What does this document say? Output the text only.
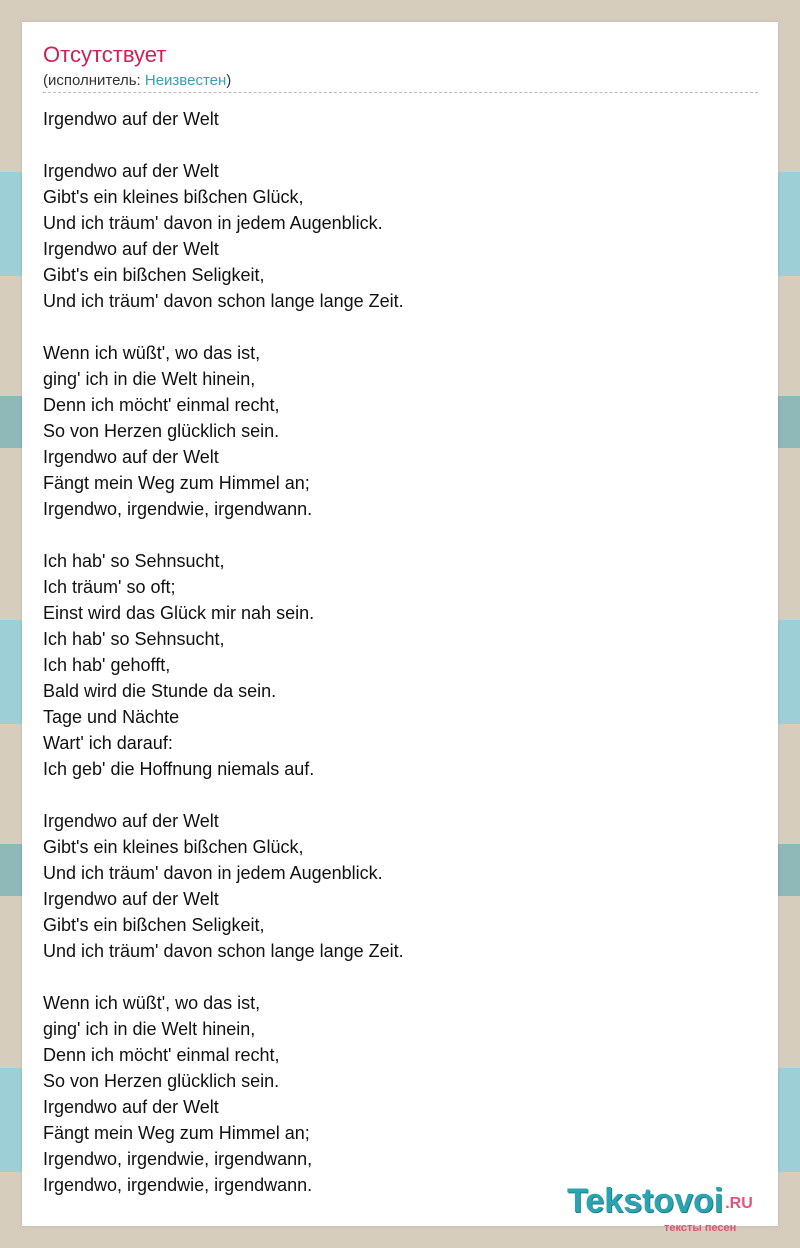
Отсутствует
(исполнитель: Неизвестен)
Irgendwo auf der Welt
Irgendwo auf der Welt
Gibt's ein kleines bißchen Glück,
Und ich träum' davon in jedem Augenblick.
Irgendwo auf der Welt
Gibt's ein bißchen Seligkeit,
Und ich träum' davon schon lange lange Zeit.
Wenn ich wüßt', wo das ist,
ging' ich in die Welt hinein,
Denn ich möcht' einmal recht,
So von Herzen glücklich sein.
Irgendwo auf der Welt
Fängt mein Weg zum Himmel an;
Irgendwo, irgendwie, irgendwann.
Ich hab' so Sehnsucht,
Ich träum' so oft;
Einst wird das Glück mir nah sein.
Ich hab' so Sehnsucht,
Ich hab' gehofft,
Bald wird die Stunde da sein.
Tage und Nächte
Wart' ich darauf:
Ich geb' die Hoffnung niemals auf.
Irgendwo auf der Welt
Gibt's ein kleines bißchen Glück,
Und ich träum' davon in jedem Augenblick.
Irgendwo auf der Welt
Gibt's ein bißchen Seligkeit,
Und ich träum' davon schon lange lange Zeit.
Wenn ich wüßt', wo das ist,
ging' ich in die Welt hinein,
Denn ich möcht' einmal recht,
So von Herzen glücklich sein.
Irgendwo auf der Welt
Fängt mein Weg zum Himmel an;
Irgendwo, irgendwie, irgendwann,
Irgendwo, irgendwie, irgendwann.	Tekstovoi .RU
тексты песен
